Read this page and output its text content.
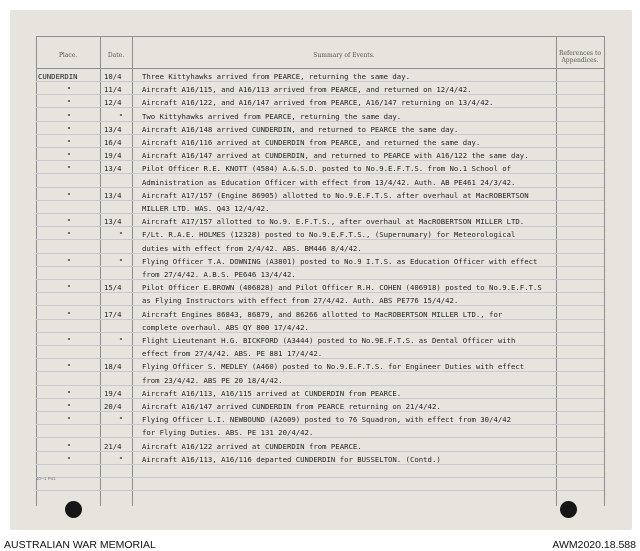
Place.	Date.	Summary of Events.	References to Appendices.
CUNDERDIN	10/4	Three Kittyhawks arrived from PEARCE, returning the same day.
"	11/4	Aircraft A16/115, and A16/113 arrived from PEARCE, and returned on 12/4/42.
"	12/4	Aircraft A16/122, and A16/147 arrived from PEARCE, A16/147 returning on 13/4/42.
"	"	Two Kittyhawks arrived from PEARCE, returning the same day.
"	13/4	Aircraft A16/148 arrived CUNDERDIN, and returned to PEARCE the same day.
"	16/4	Aircraft A16/116 arrived at CUNDERDIN from PEARCE, and returned the same day.
"	19/4	Aircraft A16/147 arrived at CUNDERDIN, and returned to PEARCE with A16/122 the same day.
"	13/4	Pilot Officer R.E. KNOTT (4584) A.&.S.D. posted to No.9.E.F.T.S. from No.1 School of
Administration as Education Officer with effect from 13/4/42. Auth. AB PE461 24/3/42.
"	13/4	Aircraft A17/157 (Engine 86905) allotted to No.9.E.F.T.S. after overhaul at MacROBERTSON
MILLER LTD. WAS. Q43 12/4/42.
"	13/4	Aircraft A17/157 allotted to No.9. E.F.T.S., after overhaul at MacROBERTSON MILLER LTD.
"	"	F/Lt. R.A.E. HOLMES (12328) posted to No.9.E.F.T.S., (Supernumary) for Meteorological
duties with effect from 2/4/42. ABS. BM446 8/4/42.
"	"	Flying Officer T.A. DOWNING (A3801) posted to No.9 I.T.S. as Education Officer with effect
from 27/4/42. A.B.S. PE646 13/4/42.
"	15/4	Pilot Officer E.BROWN (406828) and Pilot Officer R.H. COHEN (406918) posted to No.9.E.F.T.S
as Flying Instructors with effect from 27/4/42. Auth. ABS PE776 15/4/42.
"	17/4	Aircraft Engines 86843, 86879, and 86266 allotted to MacROBERTSON MILLER LTD., for
complete overhaul. ABS QY 800 17/4/42.
"	"	Flight Lieutenant H.G. BICKFORD (A3444) posted to No.9E.F.T.S. as Dental Officer with
effect from 27/4/42. ABS. PE 881 17/4/42.
"	18/4	Flying Officer S. MEDLEY (A460) posted to No.9.E.F.T.S. for Engineer Duties with effect
from 23/4/42. ABS PE 20 18/4/42.
"	19/4	Aircraft A16/113, A16/115 arrived at CUNDERDIN from PEARCE.
"	20/4	Aircraft A16/147 arrived CUNDERDIN from PEARCE returning on 21/4/42.
"	"	Flying Officer L.I. NEWBOUND (A2609) posted to 76 Squadron, with effect from 30/4/42
for Flying Duties. ABS. PE 131 20/4/42.
"	21/4	Aircraft A16/122 arrived at CUNDERDIN from PEARCE.
"	"	Aircraft A16/113, A16/116 departed CUNDERDIN for BUSSELTON. (Contd.)
10--1 P41
AUSTRALIAN WAR MEMORIAL	AWM2020.18.588
